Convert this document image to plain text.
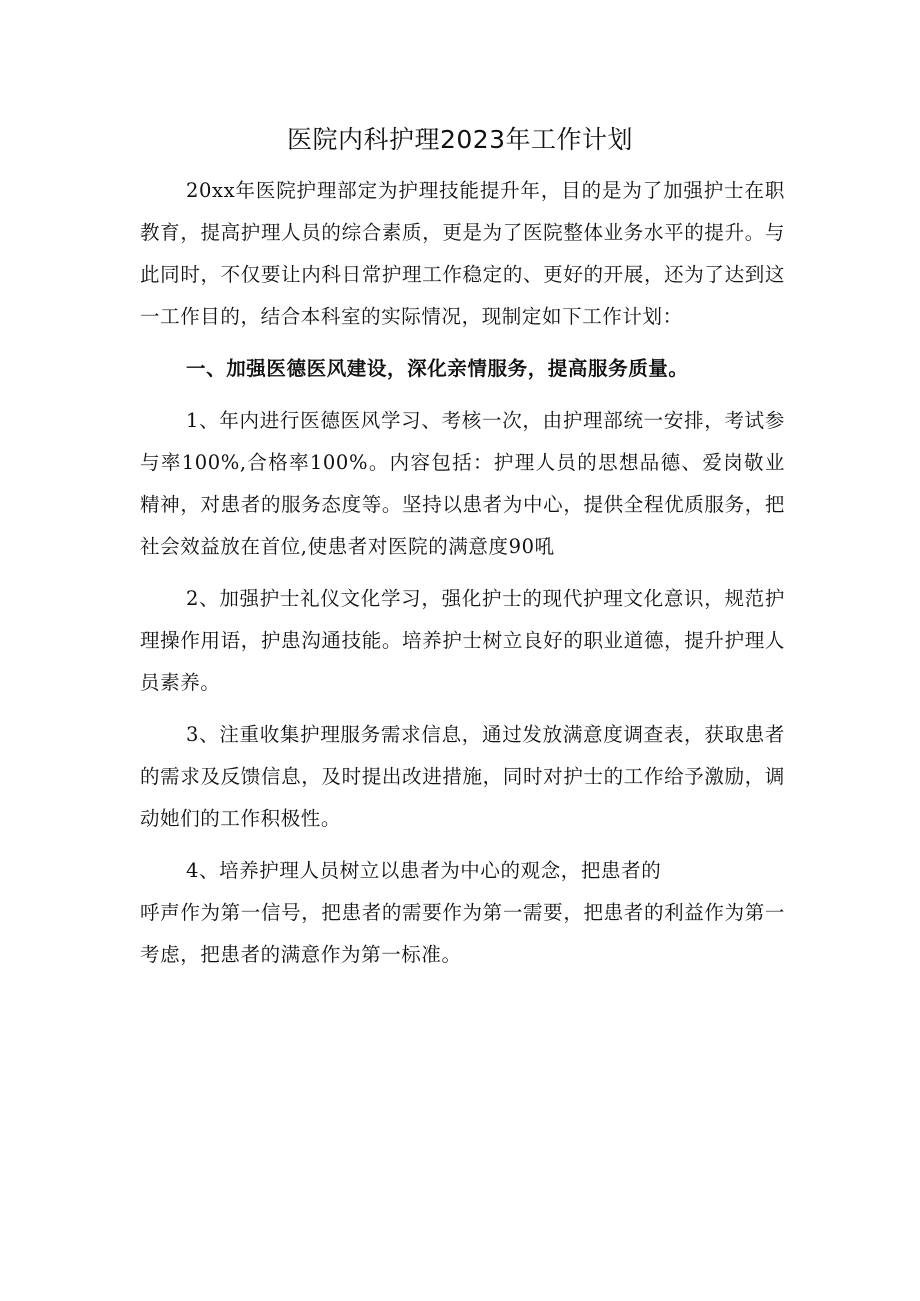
医院内科护理2023年工作计划

20xx年医院护理部定为护理技能提升年，目的是为了加强护士在职教育，提高护理人员的综合素质，更是为了医院整体业务水平的提升。与此同时，不仅要让内科日常护理工作稳定的、更好的开展，还为了达到这一工作目的，结合本科室的实际情况，现制定如下工作计划：

一、加强医德医风建设，深化亲情服务，提高服务质量。

1、年内进行医德医风学习、考核一次，由护理部统一安排，考试参与率100%,合格率100%。内容包括：护理人员的思想品德、爱岗敬业精神，对患者的服务态度等。坚持以患者为中心，提供全程优质服务，把社会效益放在首位,使患者对医院的满意度90吼

2、加强护士礼仪文化学习，强化护士的现代护理文化意识，规范护理操作用语，护患沟通技能。培养护士树立良好的职业道德，提升护理人员素养。

3、注重收集护理服务需求信息，通过发放满意度调查表，获取患者的需求及反馈信息，及时提出改进措施，同时对护士的工作给予激励，调动她们的工作积极性。

4、培养护理人员树立以患者为中心的观念，把患者的
呼声作为第一信号，把患者的需要作为第一需要，把患者的利益作为第一考虑，把患者的满意作为第一标准。
